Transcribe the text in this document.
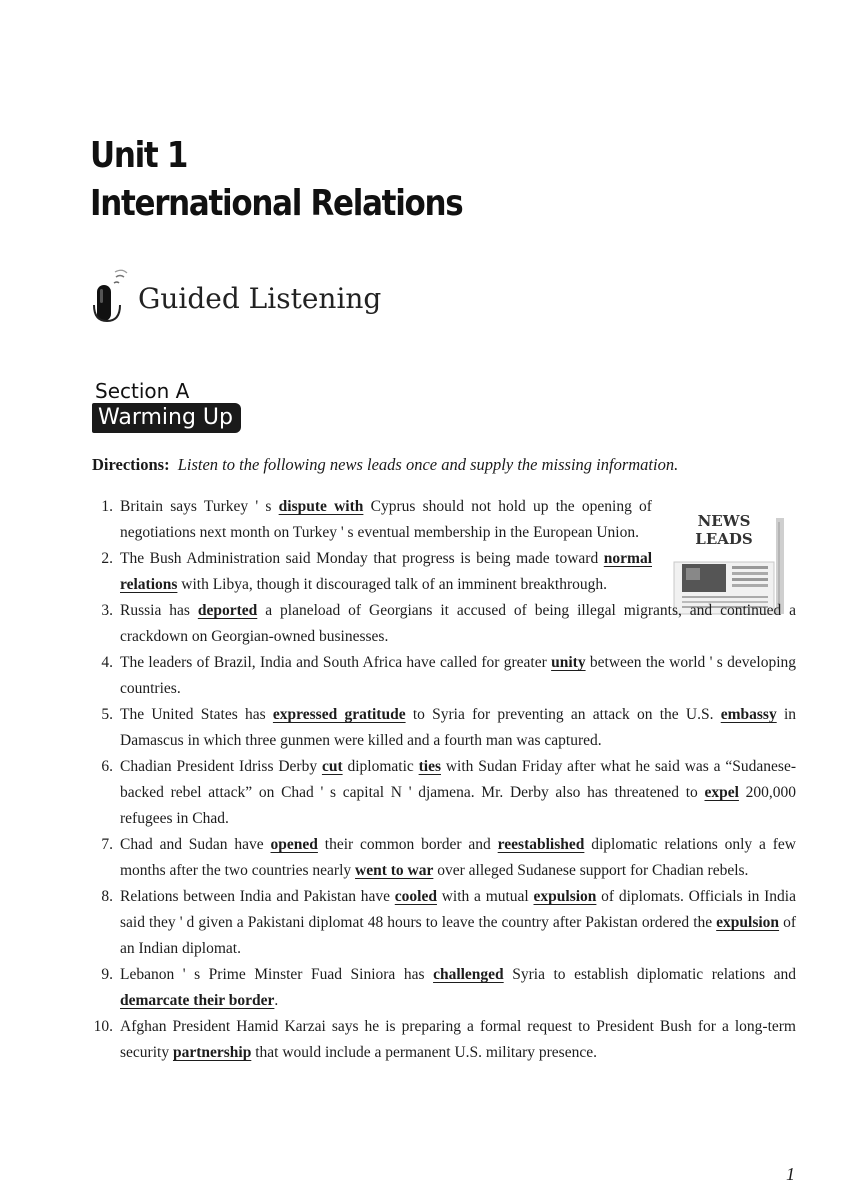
Unit 1
International Relations
Guided Listening
Section A
Warming Up
Directions: Listen to the following news leads once and supply the missing information.
NEWS
LEADS
1. Britain says Turkey ' s dispute with Cyprus should not hold up the opening of negotiations next month on Turkey ' s eventual membership in the European Union.
2. The Bush Administration said Monday that progress is being made toward normal relations with Libya, though it discouraged talk of an imminent breakthrough.
3. Russia has deported a planeload of Georgians it accused of being illegal migrants, and continued a crackdown on Georgian-owned businesses.
4. The leaders of Brazil, India and South Africa have called for greater unity between the world ' s developing countries.
5. The United States has expressed gratitude to Syria for preventing an attack on the U.S. embassy in Damascus in which three gunmen were killed and a fourth man was captured.
6. Chadian President Idriss Derby cut diplomatic ties with Sudan Friday after what he said was a “Sudanese-backed rebel attack” on Chad ' s capital N ' djamena. Mr. Derby also has threatened to expel 200,000 refugees in Chad.
7. Chad and Sudan have opened their common border and reestablished diplomatic relations only a few months after the two countries nearly went to war over alleged Sudanese support for Chadian rebels.
8. Relations between India and Pakistan have cooled with a mutual expulsion of diplomats. Officials in India said they ' d given a Pakistani diplomat 48 hours to leave the country after Pakistan ordered the expulsion of an Indian diplomat.
9. Lebanon ' s Prime Minster Fuad Siniora has challenged Syria to establish diplomatic relations and demarcate their border.
10. Afghan President Hamid Karzai says he is preparing a formal request to President Bush for a long-term security partnership that would include a permanent U.S. military presence.
1
